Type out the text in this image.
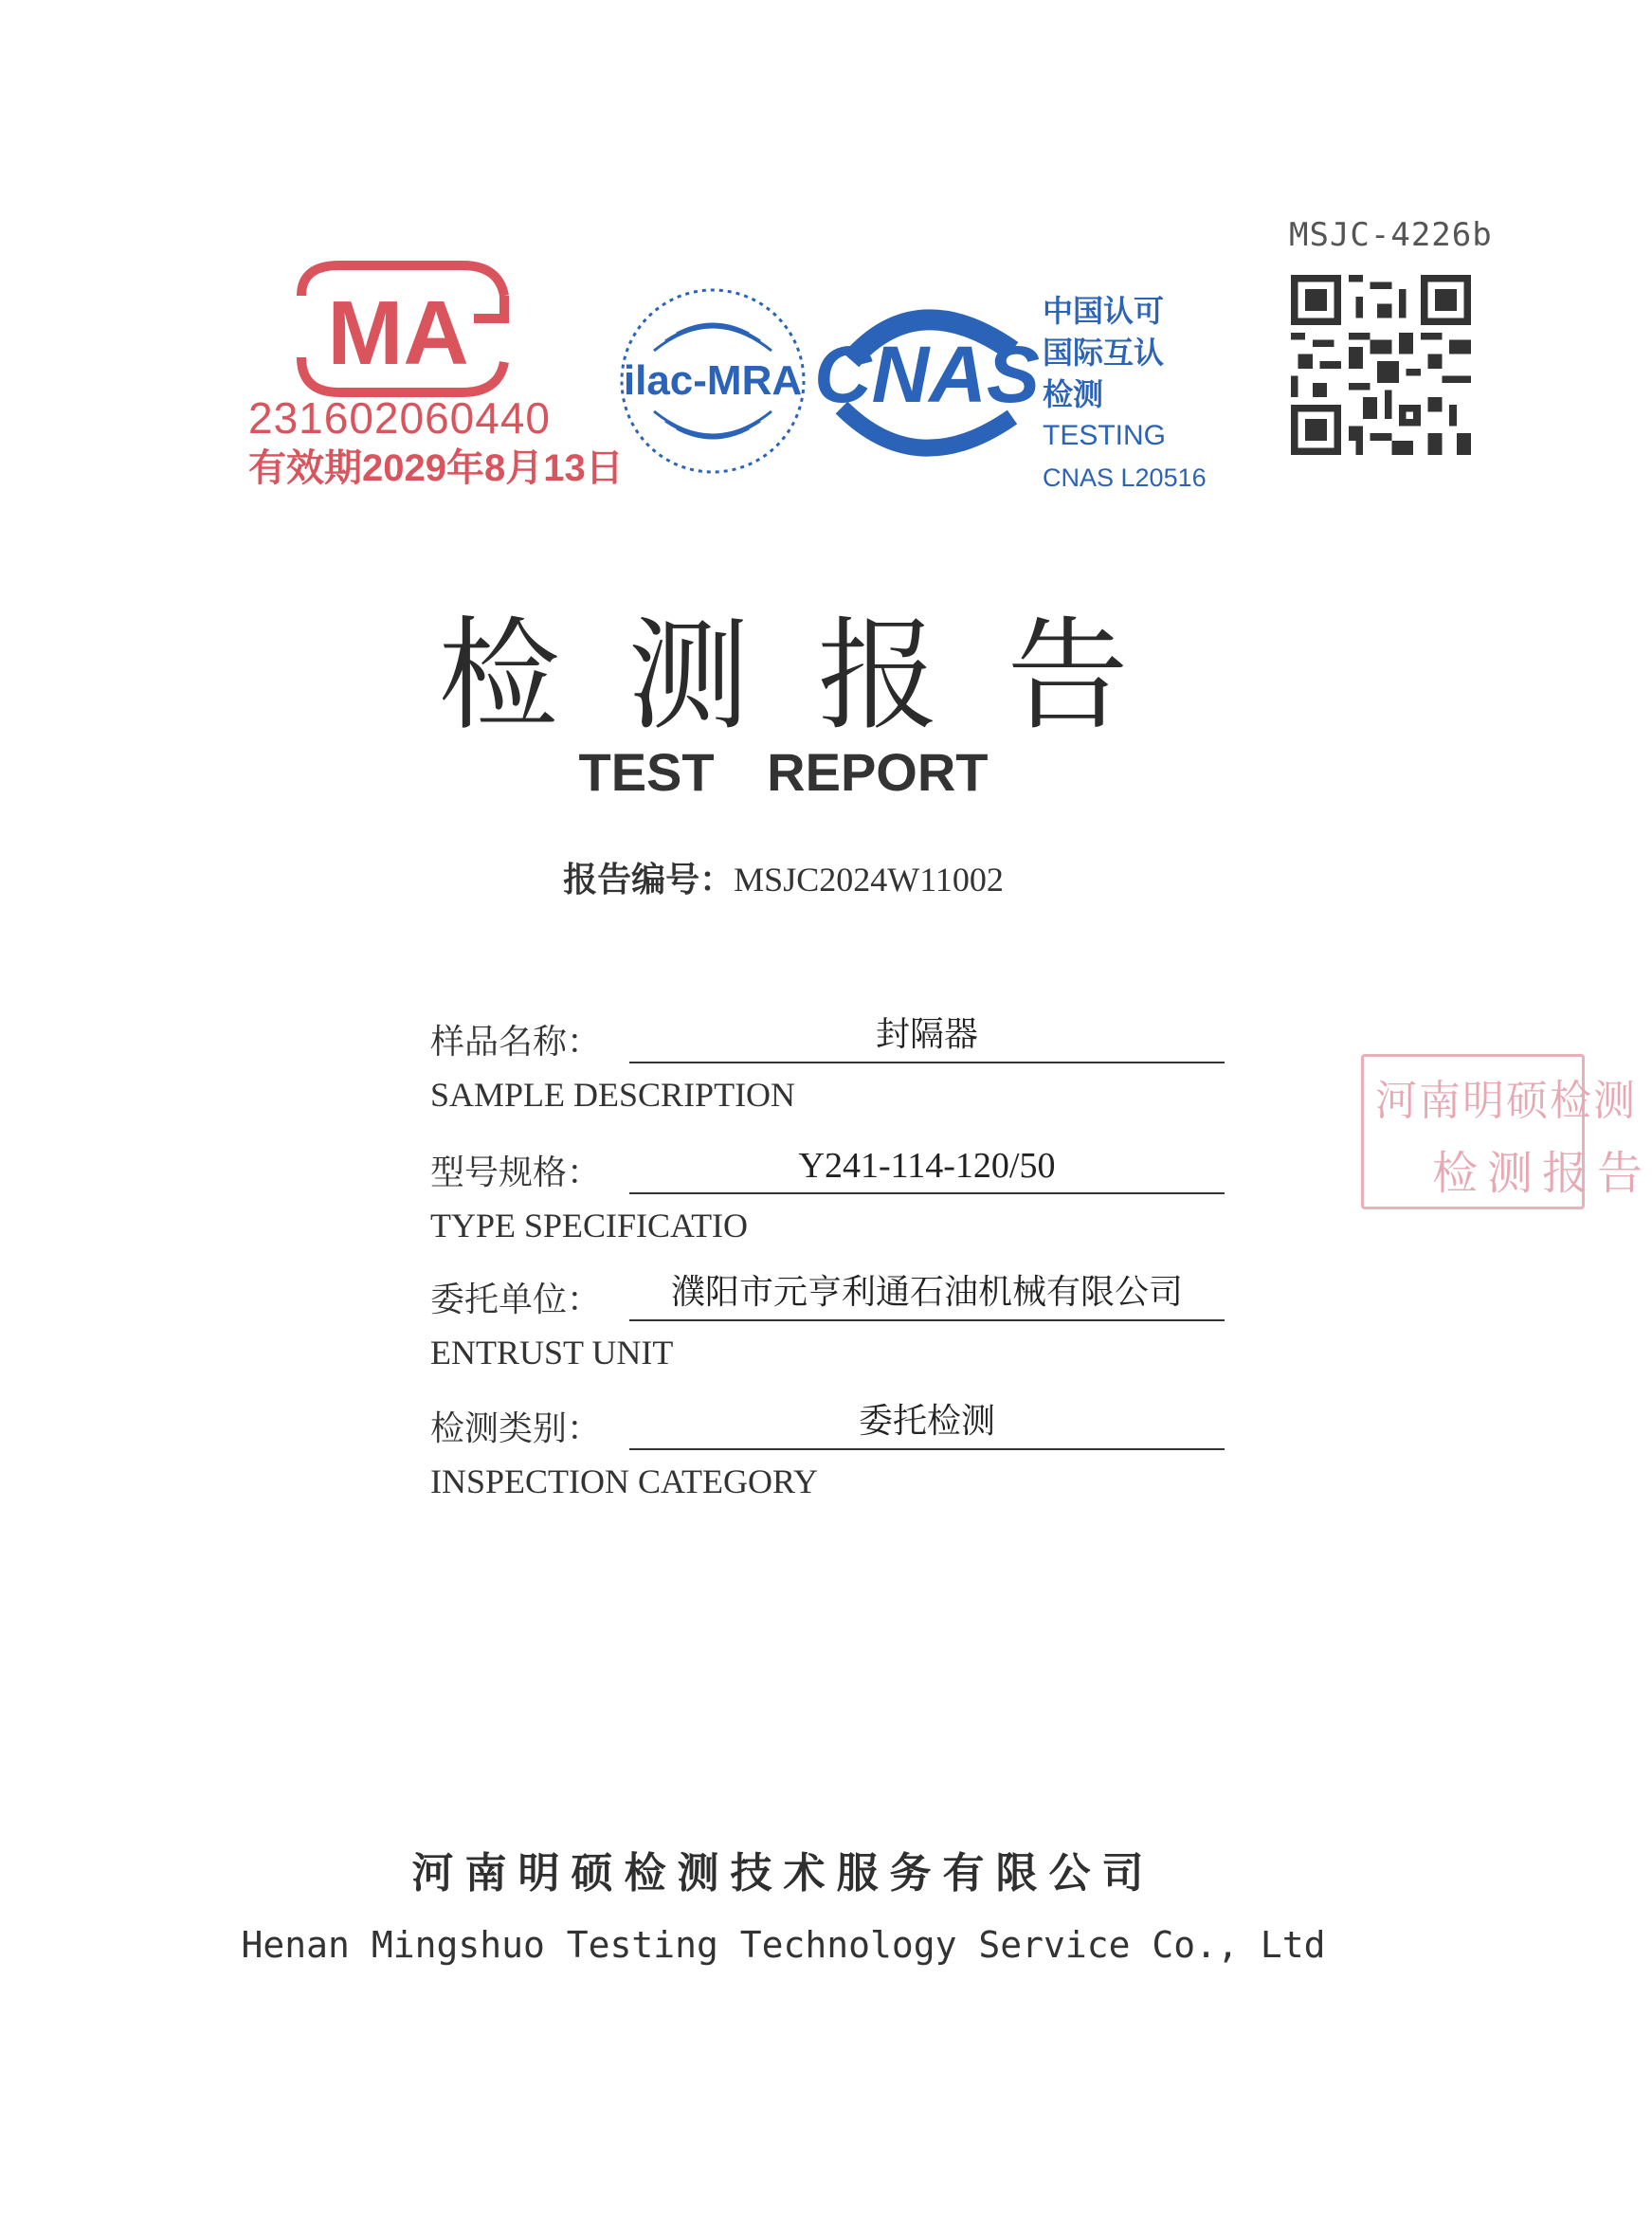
MSJC-4226b
MA
231602060440
有效期2029年8月13日
ilac-MRA CNAS
中国认可
国际互认
检测
TESTING
CNAS L20516
检测报告
TEST REPORT
报告编号：MSJC2024W11002
样品名称：	封隔器
SAMPLE DESCRIPTION
型号规格：	Y241-114-120/50
TYPE SPECIFICATIO
委托单位：	濮阳市元亨利通石油机械有限公司
ENTRUST UNIT
检测类别：	委托检测
INSPECTION CATEGORY
河南明硕检测
检测报告
河南明硕检测技术服务有限公司
Henan Mingshuo Testing Technology Service Co., Ltd
